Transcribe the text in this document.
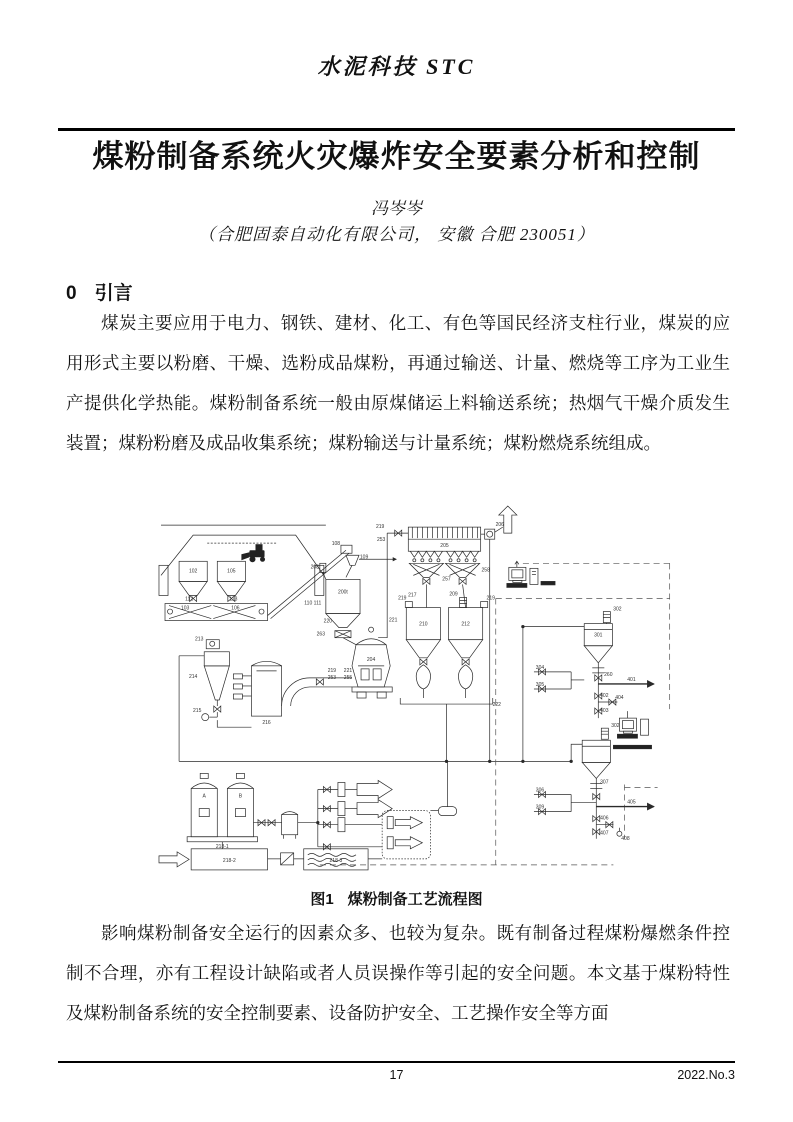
水泥科技 STC
煤粉制备系统火灾爆炸安全要素分析和控制
冯岑岑
（合肥固泰自动化有限公司， 安徽 合肥 230051）
0 引言

煤炭主要应用于电力、钢铁、建材、化工、有色等国民经济支柱行业，煤炭的应用形式主要以粉磨、干燥、选粉成品煤粉，再通过输送、计量、燃烧等工序为工业生产提供化学热能。煤粉制备系统一般由原煤储运上料输送系统；热烟气干燥介质发生装置；煤粉粉磨及成品收集系统；煤粉输送与计量系统；煤粉燃烧系统组成。

102	105
112	113
103	106
110 111
108
109
208
200t
220
263
204
219
253
221
255
213
214
215
216
219
253
221
205
257
258
206
217	209
219	219
210	212
222
302
301
260
304
305
401
402
403
404
302
307
306
309
405
406
407
408
A	B
218-1
218-2	218-3
图1 煤粉制备工艺流程图

影响煤粉制备安全运行的因素众多、也较为复杂。既有制备过程煤粉爆燃条件控制不合理，亦有工程设计缺陷或者人员误操作等引起的安全问题。本文基于煤粉特性及煤粉制备系统的安全控制要素、设备防护安全、工艺操作安全等方面

17	2022.No.3
